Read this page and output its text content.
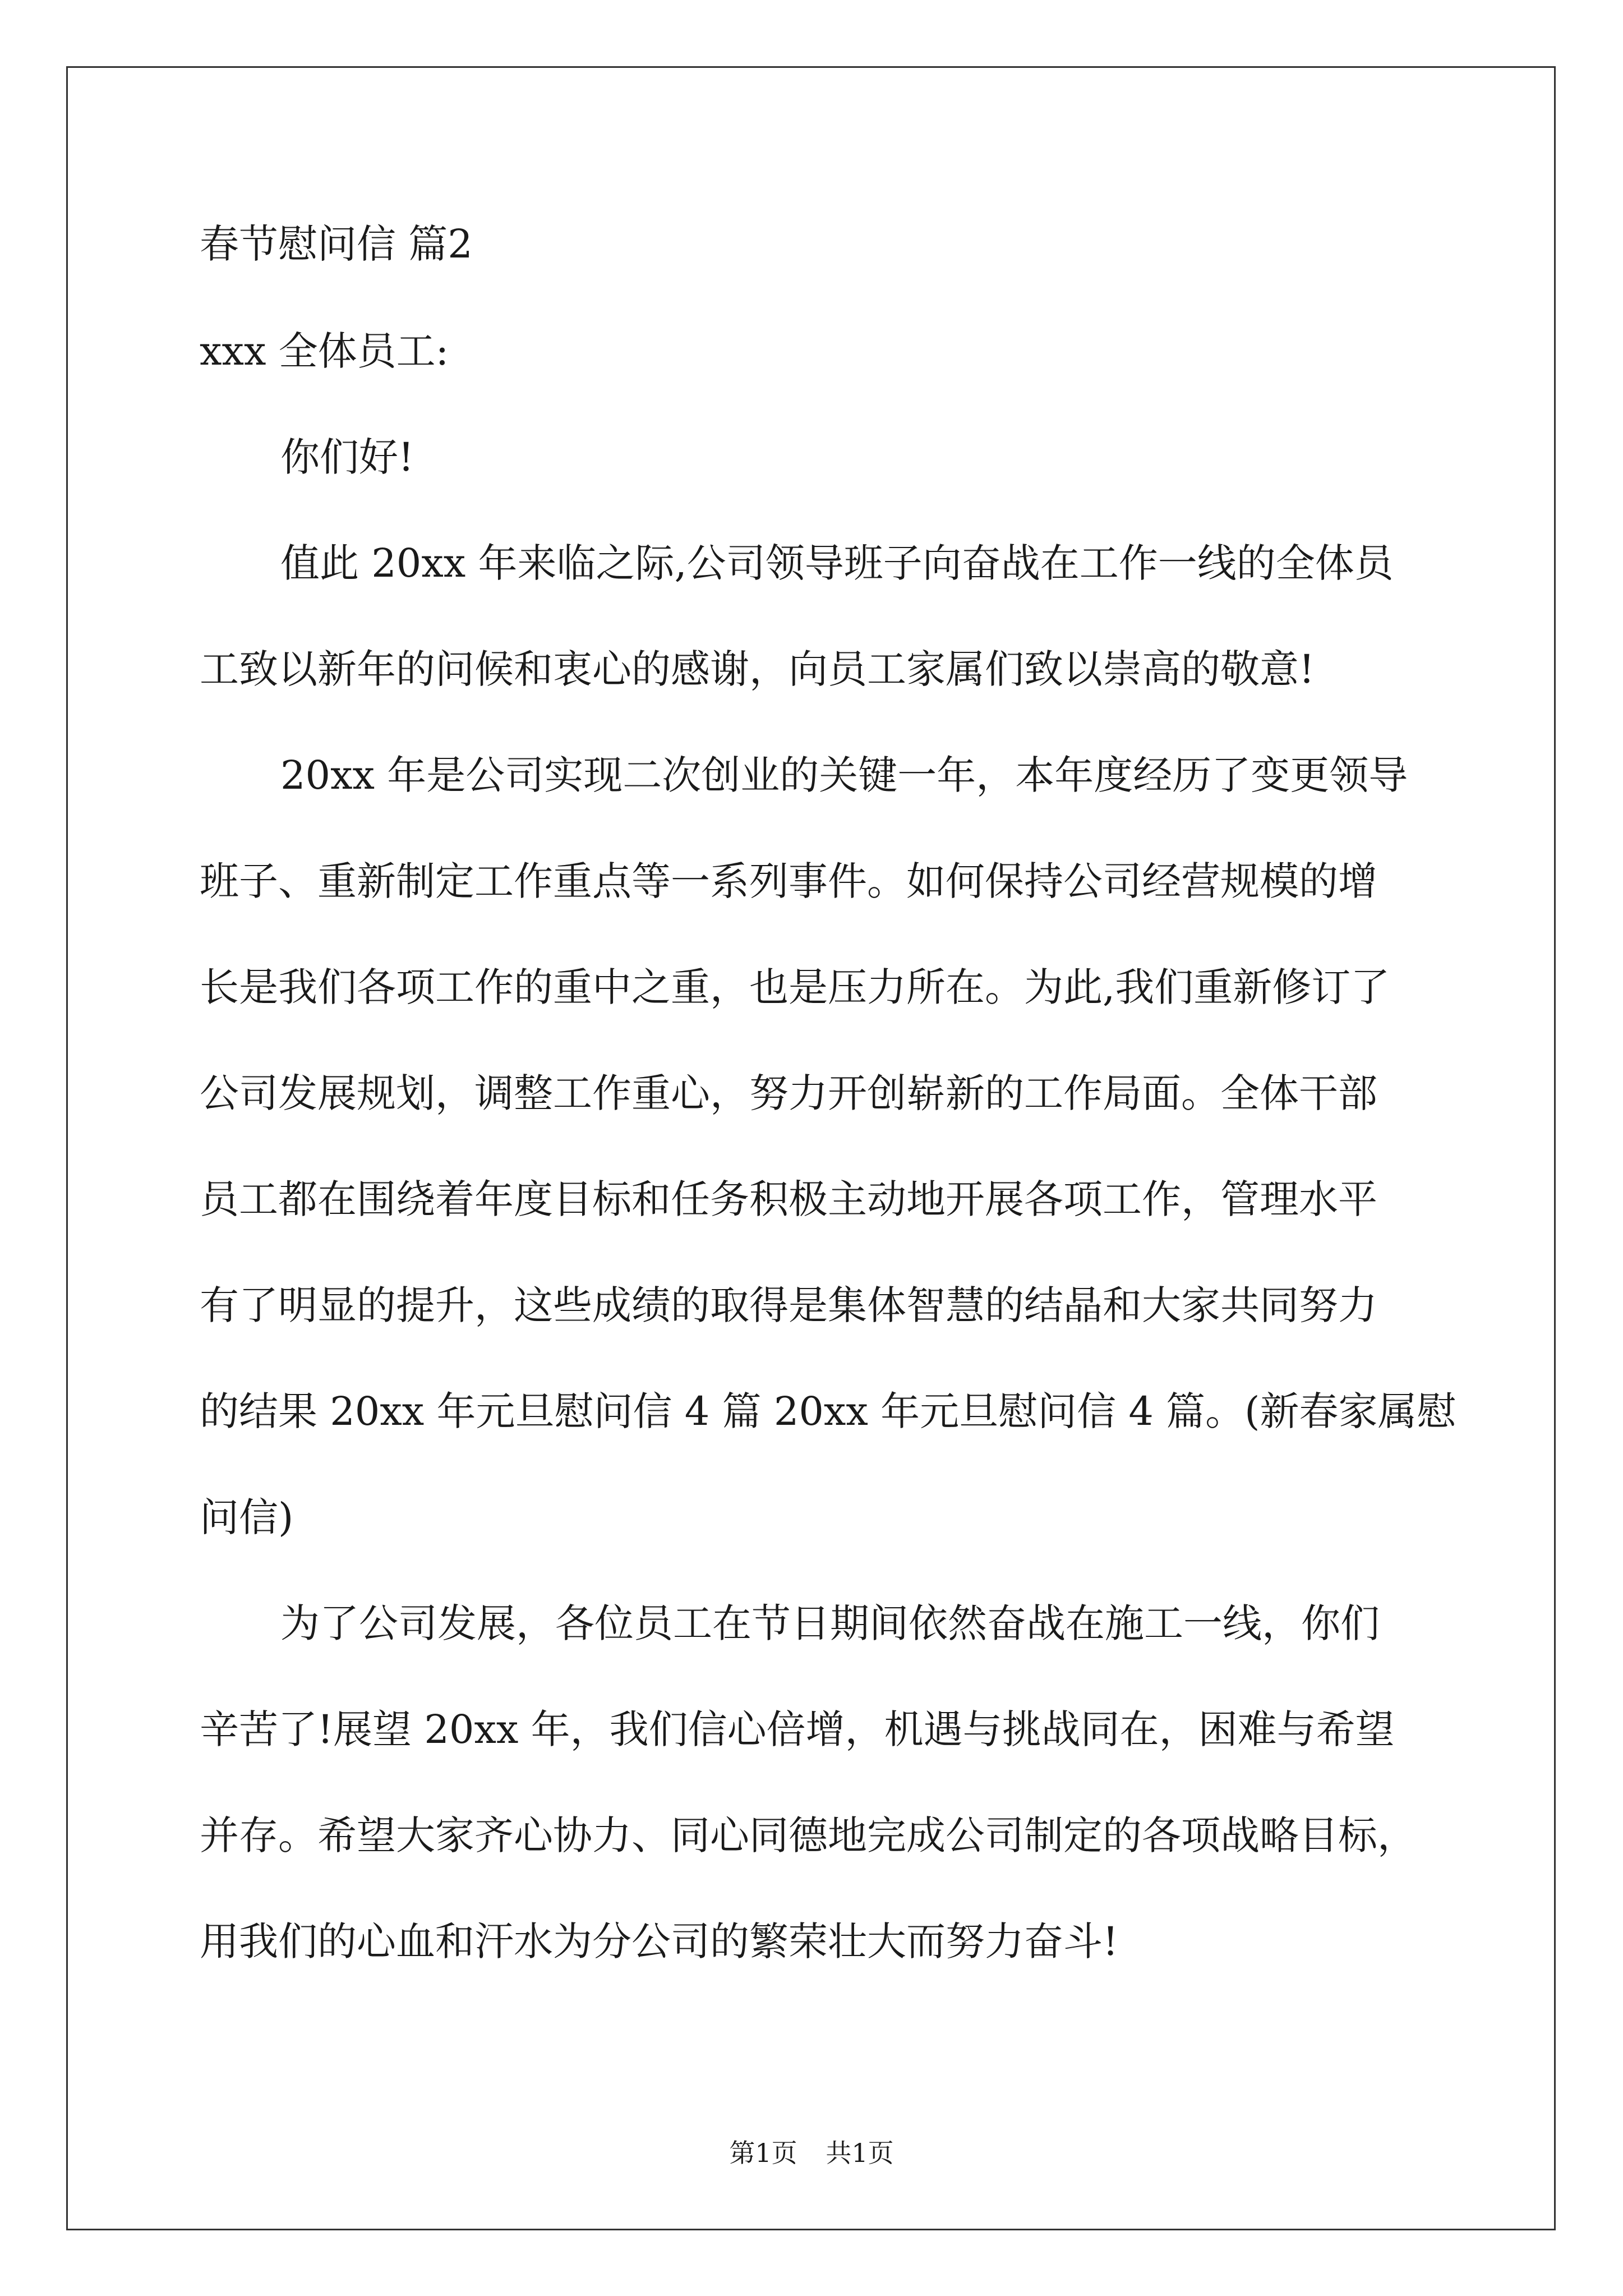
春节慰问信 篇2
xxx 全体员工:
你们好!
值此 20xx 年来临之际,公司领导班子向奋战在工作一线的全体员
工致以新年的问候和衷心的感谢，向员工家属们致以崇高的敬意!
20xx 年是公司实现二次创业的关键一年，本年度经历了变更领导
班子、重新制定工作重点等一系列事件。如何保持公司经营规模的增
长是我们各项工作的重中之重，也是压力所在。为此,我们重新修订了
公司发展规划，调整工作重心，努力开创崭新的工作局面。全体干部
员工都在围绕着年度目标和任务积极主动地开展各项工作，管理水平
有了明显的提升，这些成绩的取得是集体智慧的结晶和大家共同努力
的结果 20xx 年元旦慰问信 4 篇 20xx 年元旦慰问信 4 篇。(新春家属慰
问信)
为了公司发展，各位员工在节日期间依然奋战在施工一线，你们
辛苦了!展望 20xx 年，我们信心倍增，机遇与挑战同在，困难与希望
并存。希望大家齐心协力、同心同德地完成公司制定的各项战略目标，
用我们的心血和汗水为分公司的繁荣壮大而努力奋斗!
第1页 共1页
